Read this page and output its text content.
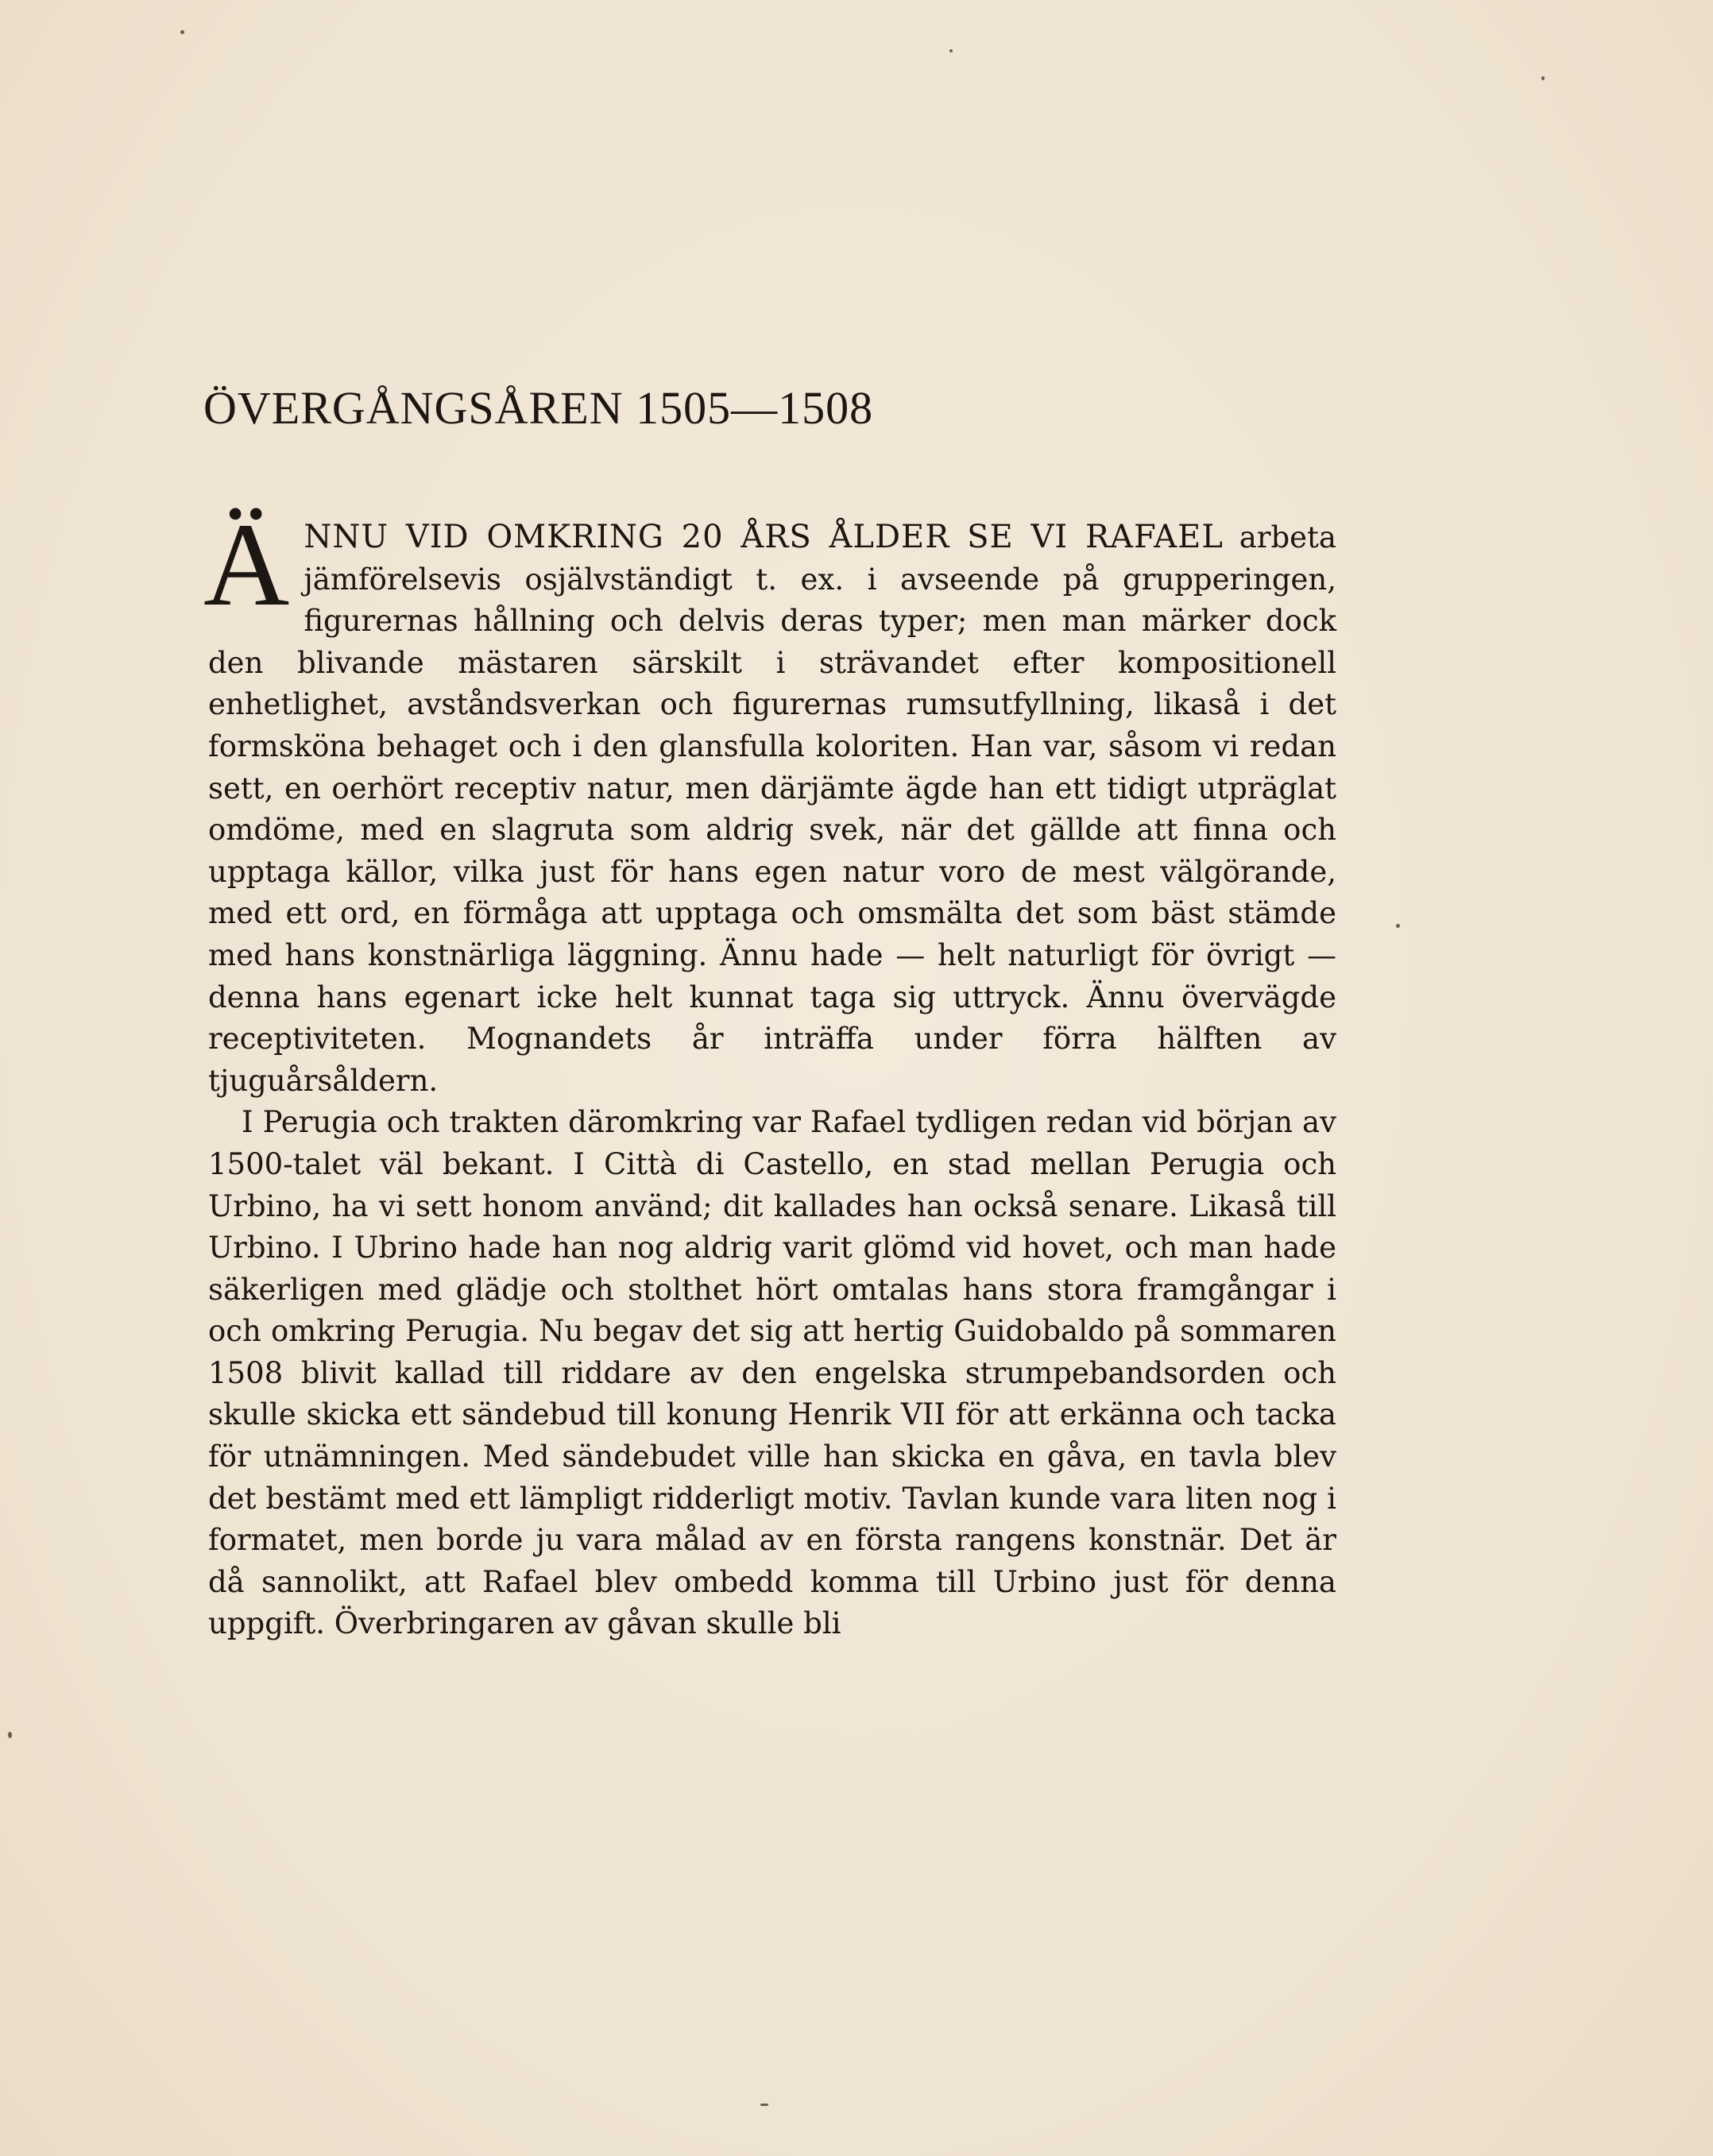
ÖVERGÅNGSÅREN 1505—1508

Ä NNU VID OMKRING 20 ÅRS ÅLDER SE VI RAFAEL arbeta jämförelsevis osjälvständigt t. ex. i avseende på grupperingen, figurernas hållning och delvis deras typer; men man märker dock den blivande mästaren särskilt i strävandet efter kompositionell enhetlighet, avståndsverkan och figurernas rumsutfyllning, likaså i det formsköna behaget och i den glansfulla koloriten. Han var, såsom vi redan sett, en oerhört receptiv natur, men därjämte ägde han ett tidigt utpräglat omdöme, med en slagruta som aldrig svek, när det gällde att finna och upptaga källor, vilka just för hans egen natur voro de mest välgörande, med ett ord, en förmåga att upptaga och omsmälta det som bäst stämde med hans konstnärliga läggning. Ännu hade — helt naturligt för övrigt — denna hans egenart icke helt kunnat taga sig uttryck. Ännu övervägde receptiviteten. Mognandets år inträffa under förra hälften av tjuguårsåldern.

I Perugia och trakten däromkring var Rafael tydligen redan vid början av 1500-talet väl bekant. I Città di Castello, en stad mellan Perugia och Urbino, ha vi sett honom använd; dit kallades han också senare. Likaså till Urbino. I Ubrino hade han nog aldrig varit glömd vid hovet, och man hade säkerligen med glädje och stolthet hört omtalas hans stora framgångar i och omkring Perugia. Nu begav det sig att hertig Guidobaldo på sommaren 1508 blivit kallad till riddare av den engelska strumpebandsorden och skulle skicka ett sändebud till konung Henrik VII för att erkänna och tacka för utnämningen. Med sändebudet ville han skicka en gåva, en tavla blev det bestämt med ett lämpligt ridderligt motiv. Tavlan kunde vara liten nog i formatet, men borde ju vara målad av en första rangens konstnär. Det är då sannolikt, att Rafael blev ombedd komma till Urbino just för denna uppgift. Överbringaren av gåvan skulle bli
